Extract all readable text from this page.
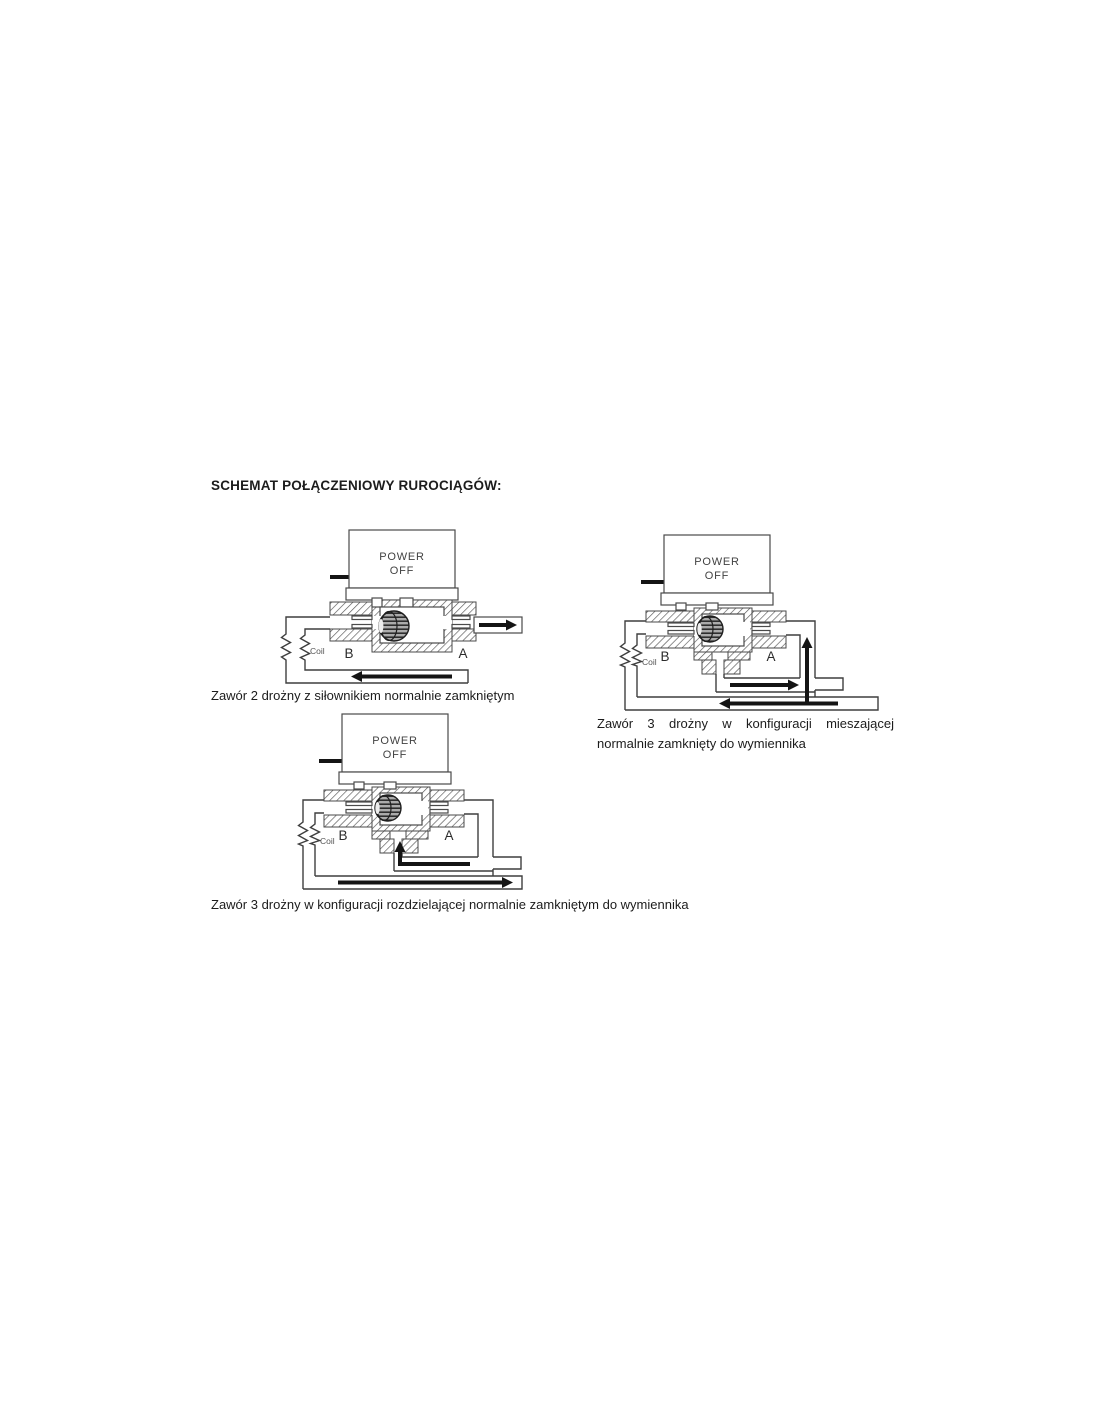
SCHEMAT POŁĄCZENIOWY RUROCIĄGÓW:
POWER
OFF
B	A
Coil
POWER
OFF
B	A
Coil
Zawór 2 drożny z siłownikiem normalnie zamkniętym
Zawór 3 drożny w konfiguracji mieszającej
normalnie zamknięty do wymiennika
Zawór 3 drożny w konfiguracji rozdzielającej normalnie zamkniętym do wymiennika
